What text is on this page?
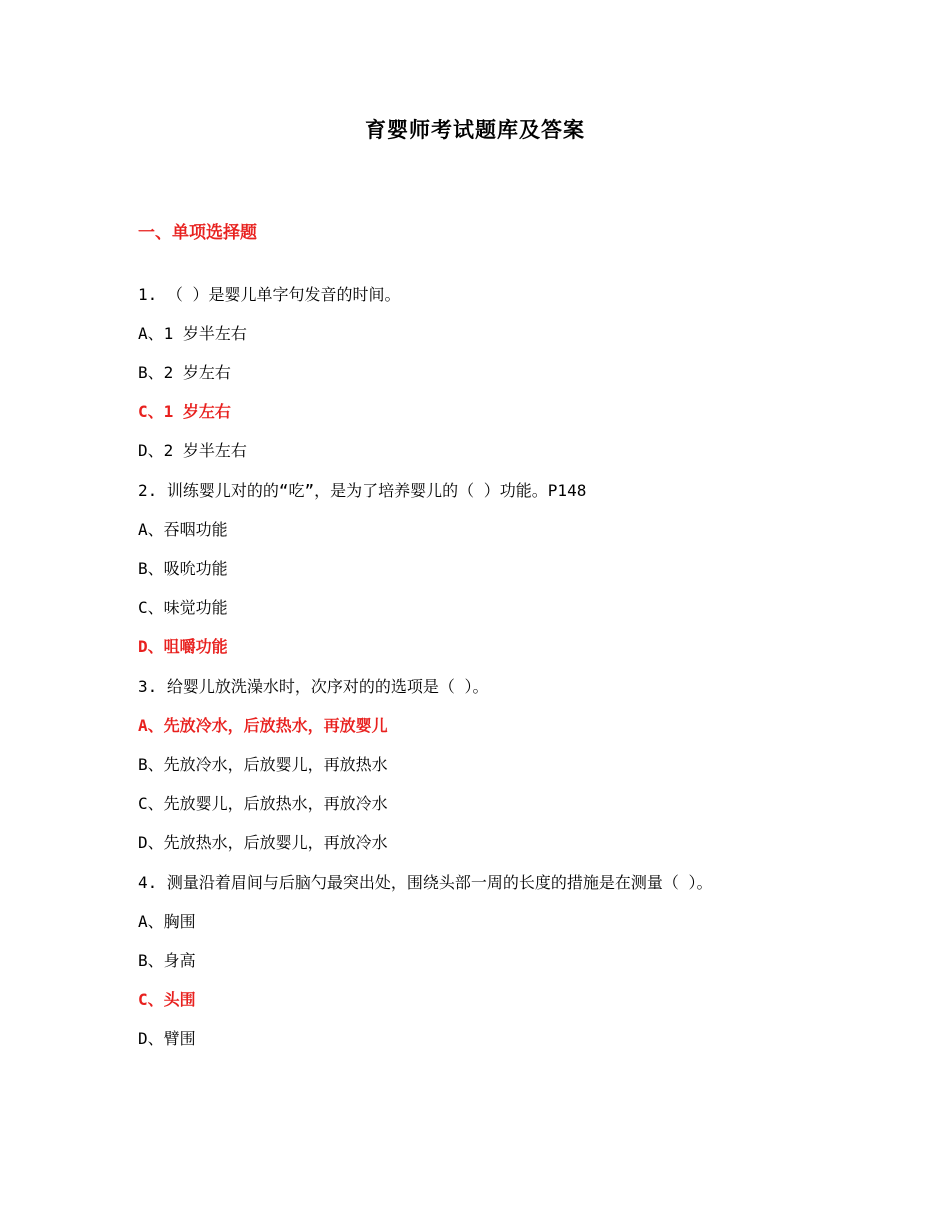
育婴师考试题库及答案
一、单项选择题

1. （ ）是婴儿单字句发音的时间。

A、1 岁半左右

B、2 岁左右

C、1 岁左右

D、2 岁半左右

2. 训练婴儿对的的“吃”，是为了培养婴儿的（ ）功能。P148

A、吞咽功能

B、吸吮功能

C、味觉功能

D、咀嚼功能

3. 给婴儿放洗澡水时，次序对的的选项是（ ）。

A、先放冷水，后放热水，再放婴儿

B、先放冷水，后放婴儿，再放热水

C、先放婴儿，后放热水，再放冷水

D、先放热水，后放婴儿，再放冷水

4. 测量沿着眉间与后脑勺最突出处，围绕头部一周的长度的措施是在测量（ ）。

A、胸围

B、身高

C、头围

D、臂围
